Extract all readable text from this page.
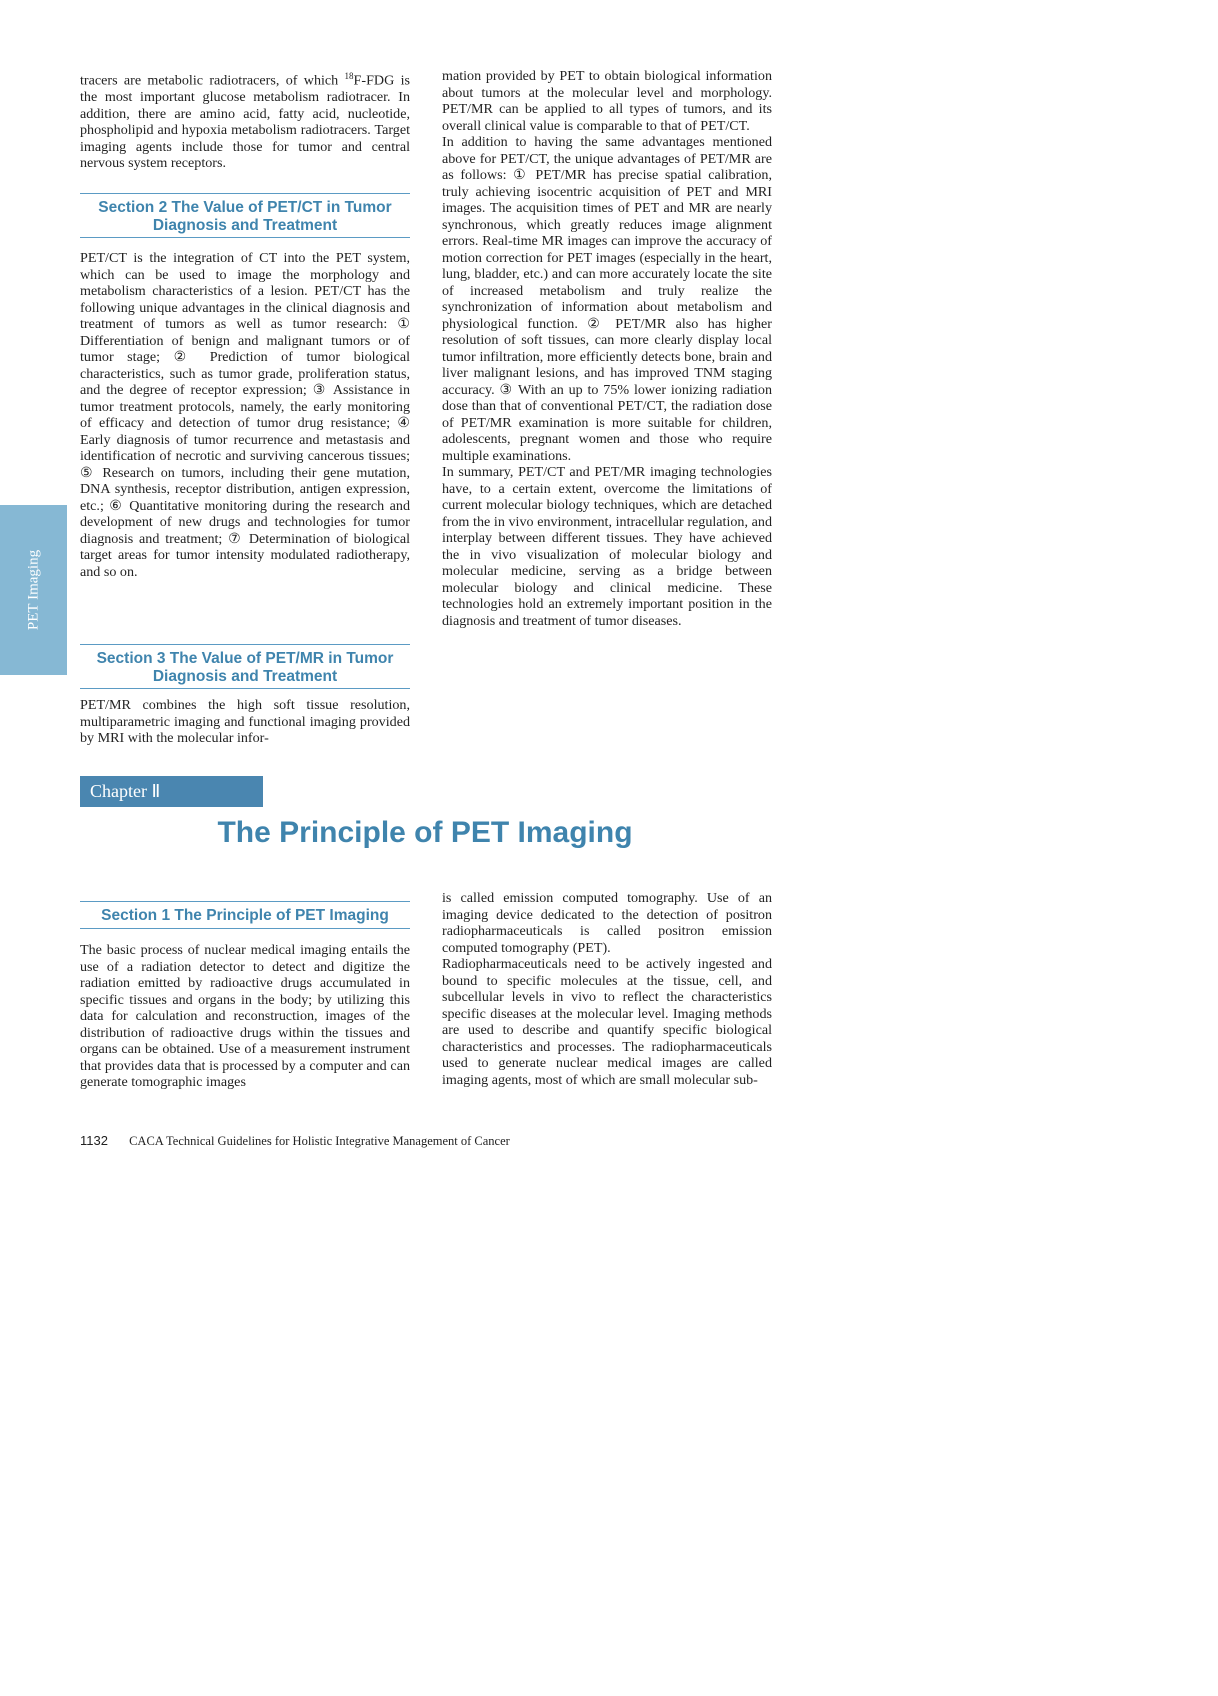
PET Imaging

tracers are metabolic radiotracers, of which $^{18}$F-FDG is the most important glucose metabolism radiotracer. In addition, there are amino acid, fatty acid, nucleotide, phospholipid and hypoxia metabolism radiotracers. Target imaging agents include those for tumor and central nervous system receptors.

Section 2 The Value of PET/CT in Tumor Diagnosis and Treatment

PET/CT is the integration of CT into the PET system, which can be used to image the morphology and metabolism characteristics of a lesion. PET/CT has the following unique advantages in the clinical diagnosis and treatment of tumors as well as tumor research: ① Differentiation of benign and malignant tumors or of tumor stage; ② Prediction of tumor biological characteristics, such as tumor grade, proliferation status, and the degree of receptor expression; ③ Assistance in tumor treatment protocols, namely, the early monitoring of efficacy and detection of tumor drug resistance; ④ Early diagnosis of tumor recurrence and metastasis and identification of necrotic and surviving cancerous tissues; ⑤ Research on tumors, including their gene mutation, DNA synthesis, receptor distribution, antigen expression, etc.; ⑥ Quantitative monitoring during the research and development of new drugs and technologies for tumor diagnosis and treatment; ⑦ Determination of biological target areas for tumor intensity modulated radiotherapy, and so on.

Section 3 The Value of PET/MR in Tumor Diagnosis and Treatment

PET/MR combines the high soft tissue resolution, multiparametric imaging and functional imaging provided by MRI with the molecular infor-

mation provided by PET to obtain biological information about tumors at the molecular level and morphology. PET/MR can be applied to all types of tumors, and its overall clinical value is comparable to that of PET/CT.

In addition to having the same advantages mentioned above for PET/CT, the unique advantages of PET/MR are as follows: ① PET/MR has precise spatial calibration, truly achieving isocentric acquisition of PET and MRI images. The acquisition times of PET and MR are nearly synchronous, which greatly reduces image alignment errors. Real-time MR images can improve the accuracy of motion correction for PET images (especially in the heart, lung, bladder, etc.) and can more accurately locate the site of increased metabolism and truly realize the synchronization of information about metabolism and physiological function. ② PET/MR also has higher resolution of soft tissues, can more clearly display local tumor infiltration, more efficiently detects bone, brain and liver malignant lesions, and has improved TNM staging accuracy. ③ With an up to 75% lower ionizing radiation dose than that of conventional PET/CT, the radiation dose of PET/MR examination is more suitable for children, adolescents, pregnant women and those who require multiple examinations.

In summary, PET/CT and PET/MR imaging technologies have, to a certain extent, overcome the limitations of current molecular biology techniques, which are detached from the in vivo environment, intracellular regulation, and interplay between different tissues. They have achieved the in vivo visualization of molecular biology and molecular medicine, serving as a bridge between molecular biology and clinical medicine. These technologies hold an extremely important position in the diagnosis and treatment of tumor diseases.

Chapter Ⅱ
The Principle of PET Imaging
Section 1 The Principle of PET Imaging

The basic process of nuclear medical imaging entails the use of a radiation detector to detect and digitize the radiation emitted by radioactive drugs accumulated in specific tissues and organs in the body; by utilizing this data for calculation and reconstruction, images of the distribution of radioactive drugs within the tissues and organs can be obtained. Use of a measurement instrument that provides data that is processed by a computer and can generate tomographic images

is called emission computed tomography. Use of an imaging device dedicated to the detection of positron radiopharmaceuticals is called positron emission computed tomography (PET).

Radiopharmaceuticals need to be actively ingested and bound to specific molecules at the tissue, cell, and subcellular levels in vivo to reflect the characteristics specific diseases at the molecular level. Imaging methods are used to describe and quantify specific biological characteristics and processes. The radiopharmaceuticals used to generate nuclear medical images are called imaging agents, most of which are small molecular sub-

1132 CACA Technical Guidelines for Holistic Integrative Management of Cancer
